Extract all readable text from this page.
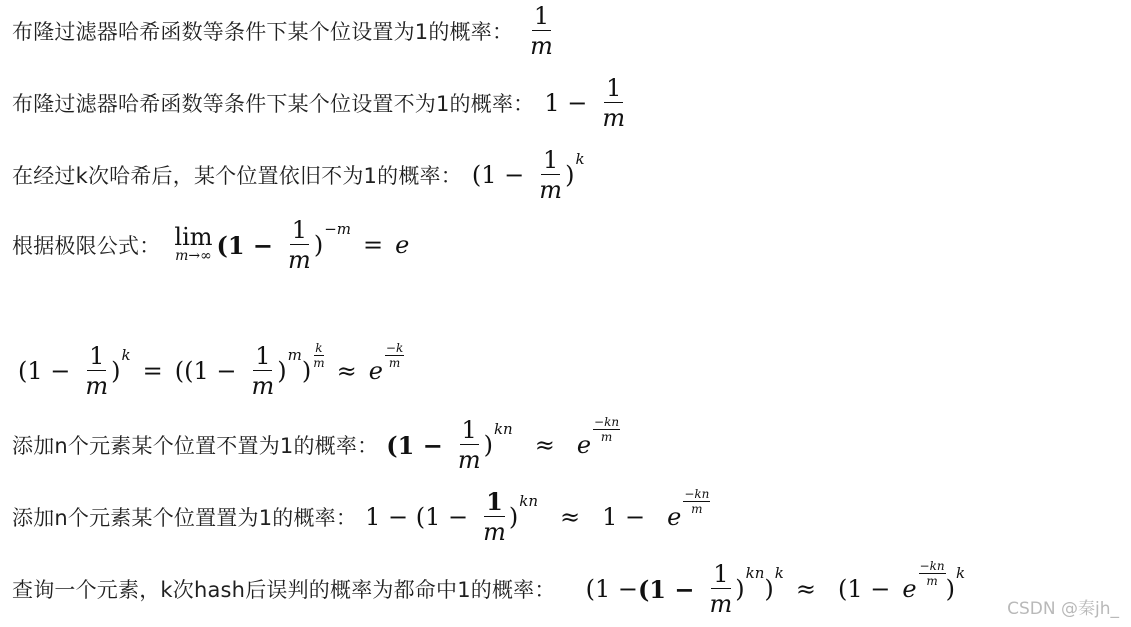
布隆过滤器哈希函数等条件下某个位设置为1的概率： $\frac{1}{m}$
布隆过滤器哈希函数等条件下某个位设置不为1的概率： $1 - \frac{1}{m}$
在经过k次哈希后，某个位置依旧不为1的概率： ($1 - \frac{1}{m}$ )
k
根据极限公式： lim
m→∞ ($1 - \frac{1}{m}$ )
−m
= e
($1 - \frac{1}{m}$ )
k
= (($1 - \frac{1}{m}$ )
m
)
k
m ≈ e
−k
m
添加n个元素某个位置不置为1的概率： ($1 - \frac{1}{m}$ )
kn
≈ e
−kn
m
添加n个元素某个位置置为1的概率： $1 - (1 - \frac{1}{m}$ )
kn
≈ 1 − e
−kn
m
查询一个元素，k次hash后误判的概率为都命中1的概率： ( $1 - (1 - \frac{1}{m}$ )
kn
)
k
≈ (1 − e
−kn
m )
k
CSDN @秦jh_
